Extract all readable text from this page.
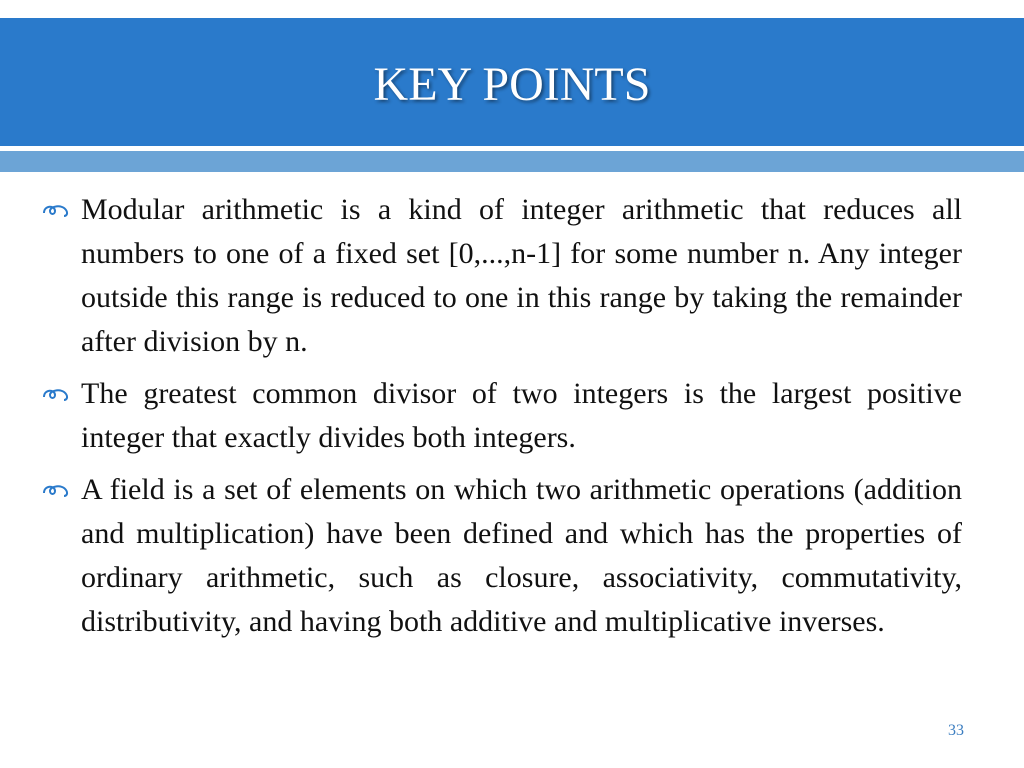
KEY POINTS
Modular arithmetic is a kind of integer arithmetic that reduces all numbers to one of a fixed set [0,...,n-1] for some number n. Any integer outside this range is reduced to one in this range by taking the remainder after division by n.
The greatest common divisor of two integers is the largest positive integer that exactly divides both integers.
A field is a set of elements on which two arithmetic operations (addition and multiplication) have been defined and which has the properties of ordinary arithmetic, such as closure, associativity, commutativity, distributivity, and having both additive and multiplicative inverses.
33
